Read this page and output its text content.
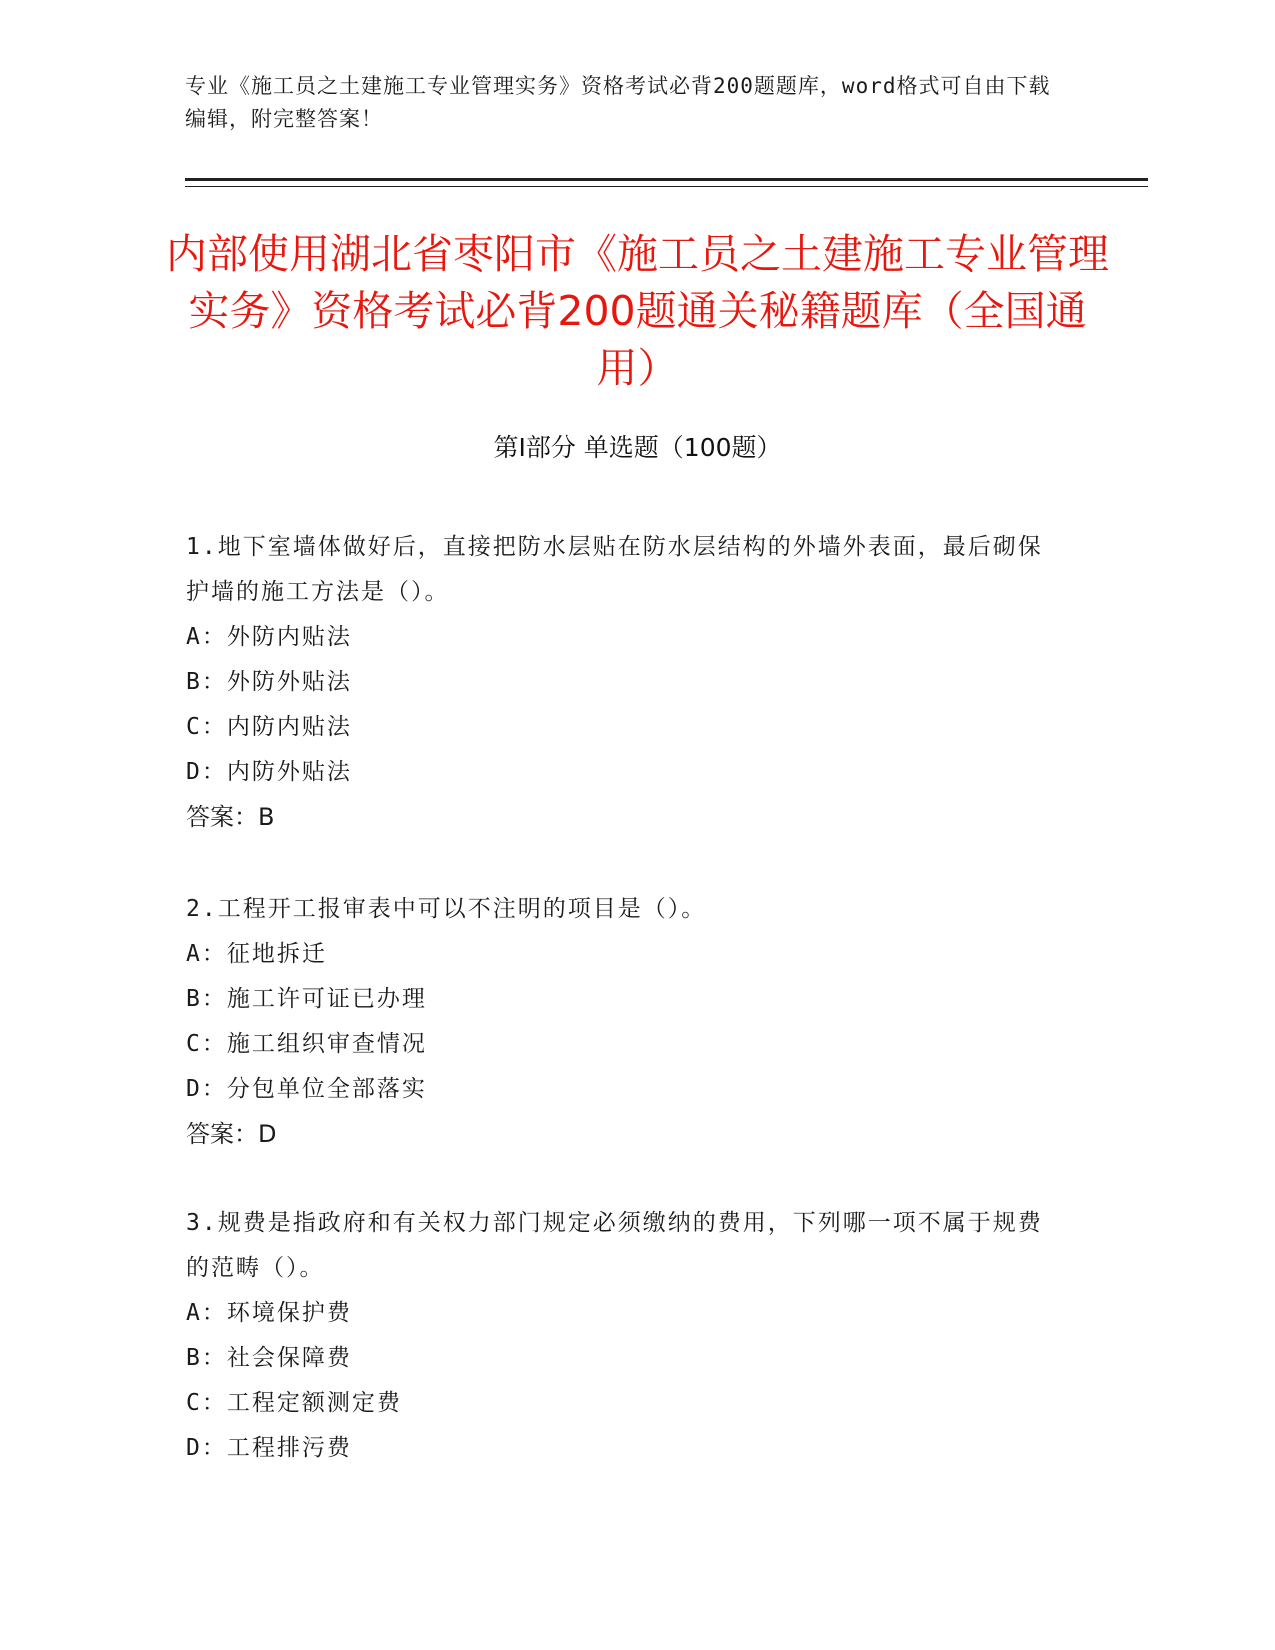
专业《施工员之土建施工专业管理实务》资格考试必背200题题库，word格式可自由下载编辑，附完整答案！
内部使用湖北省枣阳市《施工员之土建施工专业管理实务》资格考试必背200题通关秘籍题库（全国通用）
第I部分 单选题（100题）

1.地下室墙体做好后，直接把防水层贴在防水层结构的外墙外表面，最后砌保护墙的施工方法是（）。

A：外防内贴法

B：外防外贴法

C：内防内贴法

D：内防外贴法

答案：B

2.工程开工报审表中可以不注明的项目是（）。

A：征地拆迁

B：施工许可证已办理

C：施工组织审查情况

D：分包单位全部落实

答案：D

3.规费是指政府和有关权力部门规定必须缴纳的费用，下列哪一项不属于规费的范畴（）。

A：环境保护费

B：社会保障费

C：工程定额测定费

D：工程排污费
